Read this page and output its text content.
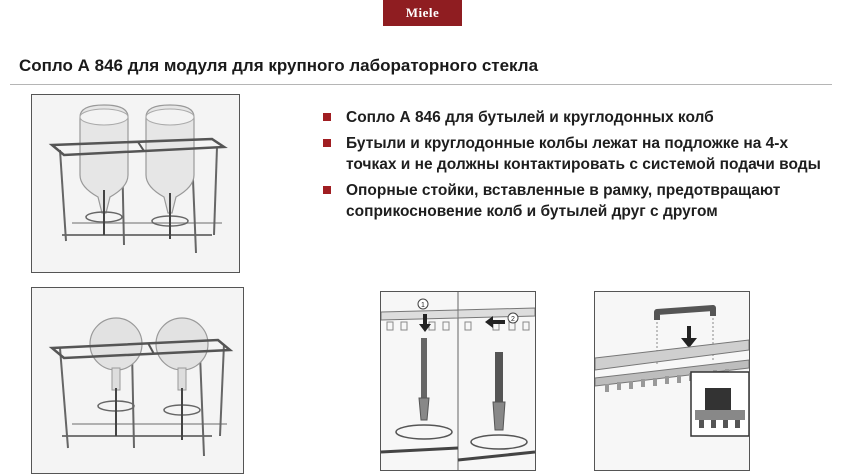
Miele
Сопло А 846 для модуля для крупного лабораторного стекла
Сопло А 846 для бутылей и круглодонных колб
Бутыли и круглодонные колбы лежат на подложке на 4-х точках и не должны контактировать с системой подачи воды
Опорные стойки, вставленные в рамку, предотвращают соприкосновение колб и бутылей друг с другом
1
2
